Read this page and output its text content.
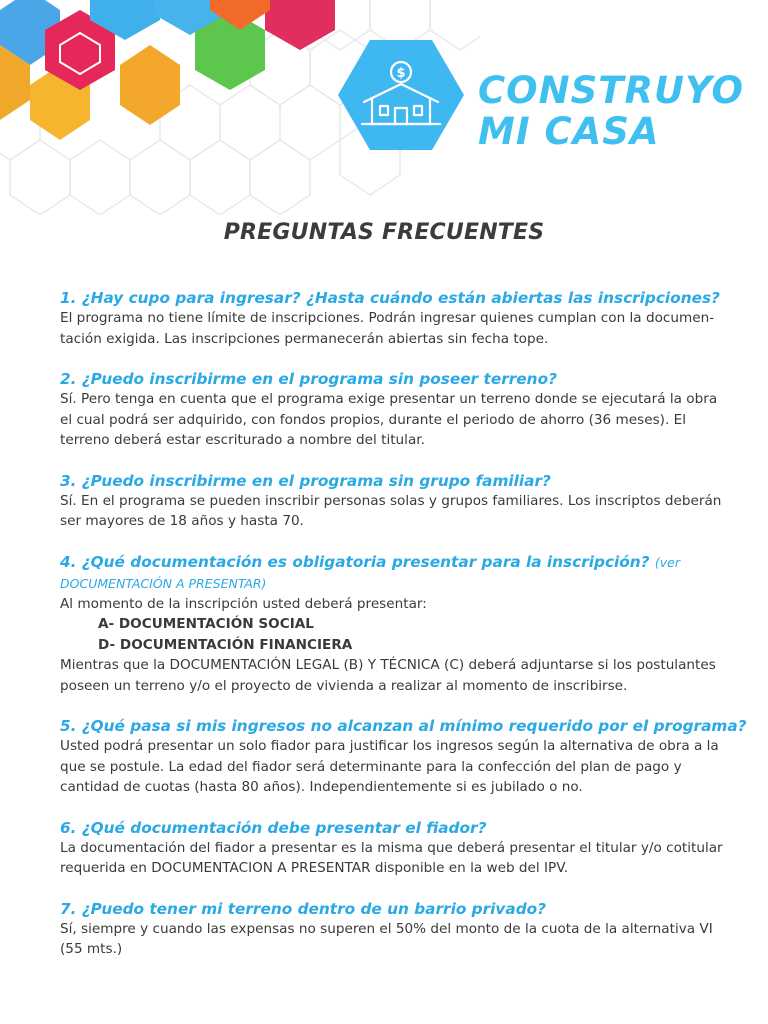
$ CONSTRUYO
MI CASA
PREGUNTAS FRECUENTES

1. ¿Hay cupo para ingresar? ¿Hasta cuándo están abiertas las inscripciones?

El programa no tiene límite de inscripciones. Podrán ingresar quienes cumplan con la documen-
tación exigida. Las inscripciones permanecerán abiertas sin fecha tope.

2. ¿Puedo inscribirme en el programa sin poseer terreno?

Sí. Pero tenga en cuenta que el programa exige presentar un terreno donde se ejecutará la obra
el cual podrá ser adquirido, con fondos propios, durante el periodo de ahorro (36 meses). El
terreno deberá estar escriturado a nombre del titular.

3. ¿Puedo inscribirme en el programa sin grupo familiar?

Sí. En el programa se pueden inscribir personas solas y grupos familiares. Los inscriptos deberán
ser mayores de 18 años y hasta 70.

4. ¿Qué documentación es obligatoria presentar para la inscripción? (ver DOCUMENTACIÓN A PRESENTAR)

Al momento de la inscripción usted deberá presentar:
A- DOCUMENTACIÓN SOCIAL
D- DOCUMENTACIÓN FINANCIERA
Mientras que la DOCUMENTACIÓN LEGAL (B) Y TÉCNICA (C) deberá adjuntarse si los postulantes
poseen un terreno y/o el proyecto de vivienda a realizar al momento de inscribirse.

5. ¿Qué pasa si mis ingresos no alcanzan al mínimo requerido por el programa?

Usted podrá presentar un solo fiador para justificar los ingresos según la alternativa de obra a la
que se postule. La edad del fiador será determinante para la confección del plan de pago y
cantidad de cuotas (hasta 80 años). Independientemente si es jubilado o no.

6. ¿Qué documentación debe presentar el fiador?

La documentación del fiador a presentar es la misma que deberá presentar el titular y/o cotitular
requerida en DOCUMENTACION A PRESENTAR disponible en la web del IPV.

7. ¿Puedo tener mi terreno dentro de un barrio privado?

Sí, siempre y cuando las expensas no superen el 50% del monto de la cuota de la alternativa VI
(55 mts.)
